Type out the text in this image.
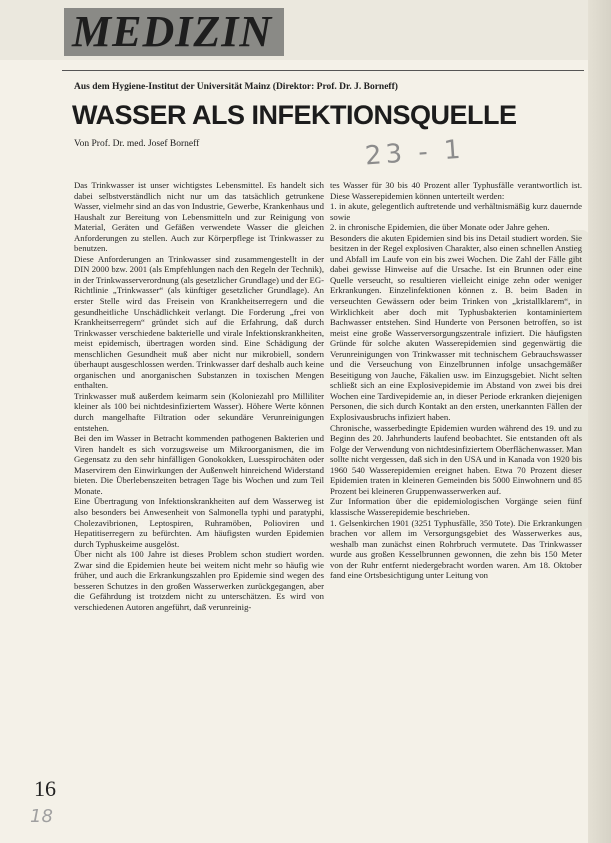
MEDIZIN
Aus dem Hygiene-Institut der Universität Mainz (Direktor: Prof. Dr. J. Borneff)
WASSER ALS INFEKTIONSQUELLE
Von Prof. Dr. med. Josef Borneff	23 - 1

Das Trinkwasser ist unser wichtigstes Lebensmittel. Es handelt sich dabei selbstverständlich nicht nur um das tatsächlich getrunkene Wasser, vielmehr sind an das von Industrie, Gewerbe, Krankenhaus und Haushalt zur Bereitung von Lebensmitteln und zur Reinigung von Material, Geräten und Gefäßen verwendete Wasser die gleichen Anforderungen zu stellen. Auch zur Körperpflege ist Trinkwasser zu benutzen.

Diese Anforderungen an Trinkwasser sind zusammengestellt in der DIN 2000 bzw. 2001 (als Empfehlungen nach den Regeln der Technik), in der Trinkwasserverordnung (als gesetzlicher Grundlage) und der EG-Richtlinie „Trinkwasser“ (als künftiger gesetzlicher Grundlage). An erster Stelle wird das Freisein von Krankheitserregern und die gesundheitliche Unschädlichkeit verlangt. Die Forderung „frei von Krankheitserregern“ gründet sich auf die Erfahrung, daß durch Trinkwasser verschiedene bakterielle und virale Infektionskrankheiten, meist epidemisch, übertragen worden sind. Eine Schädigung der menschlichen Gesundheit muß aber nicht nur mikrobiell, sondern überhaupt ausgeschlossen werden. Trinkwasser darf deshalb auch keine organischen und anorganischen Substanzen in toxischen Mengen enthalten.

Trinkwasser muß außerdem keimarm sein (Koloniezahl pro Milliliter kleiner als 100 bei nichtdesinfiziertem Wasser). Höhere Werte können durch mangelhafte Filtration oder sekundäre Verunreinigungen entstehen.

Bei den im Wasser in Betracht kommenden pathogenen Bakterien und Viren handelt es sich vorzugsweise um Mikroorganismen, die im Gegensatz zu den sehr hinfälligen Gonokokken, Luesspirochäten oder Maservirem den Einwirkungen der Außenwelt hinreichend Widerstand bieten. Die Überlebenszeiten betragen Tage bis Wochen und zum Teil Monate.

Eine Übertragung von Infektionskrankheiten auf dem Wasserweg ist also besonders bei Anwesenheit von Salmonella typhi und paratyphi, Cholezavibrionen, Leptospiren, Ruhramöben, Polioviren und Hepatitiserregern zu befürchten. Am häufigsten wurden Epidemien durch Typhuskeime ausgelöst.

Über nicht als 100 Jahre ist dieses Problem schon studiert worden. Zwar sind die Epidemien heute bei weitem nicht mehr so häufig wie früher, und auch die Erkrankungszahlen pro Epidemie sind wegen des besseren Schutzes in den großen Wasserwerken zurückgegangen, aber die Gefährdung ist trotzdem nicht zu unterschätzen. Es wird von verschiedenen Autoren angeführt, daß verunreinig-

tes Wasser für 30 bis 40 Prozent aller Typhusfälle verantwortlich ist. Diese Wasserepidemien können unterteilt werden:

1. in akute, gelegentlich auftretende und verhältnismäßig kurz dauernde sowie

2. in chronische Epidemien, die über Monate oder Jahre gehen.

Besonders die akuten Epidemien sind bis ins Detail studiert worden. Sie besitzen in der Regel explosiven Charakter, also einen schnellen Anstieg und Abfall im Laufe von ein bis zwei Wochen. Die Zahl der Fälle gibt dabei gewisse Hinweise auf die Ursache. Ist ein Brunnen oder eine Quelle verseucht, so resultieren vielleicht einige zehn oder weniger Erkrankungen. Einzelinfektionen können z. B. beim Baden in verseuchten Gewässern oder beim Trinken von „kristallklarem“, in Wirklichkeit aber doch mit Typhusbakterien kontaminiertem Bachwasser entstehen. Sind Hunderte von Personen betroffen, so ist meist eine große Wasserversorgungszentrale infiziert. Die häufigsten Gründe für solche akuten Wasserepidemien sind gegenwärtig die Verunreinigungen von Trinkwasser mit technischem Gebrauchswasser und die Verseuchung von Einzelbrunnen infolge unsachgemäßer Beseitigung von Jauche, Fäkalien usw. im Einzugsgebiet. Nicht selten schließt sich an eine Explosivepidemie im Abstand von zwei bis drei Wochen eine Tardivepidemie an, in dieser Periode erkranken diejenigen Personen, die sich durch Kontakt an den ersten, unerkannten Fällen der Explosivausbruchs infiziert haben.

Chronische, wasserbedingte Epidemien wurden während des 19. und zu Beginn des 20. Jahrhunderts laufend beobachtet. Sie entstanden oft als Folge der Verwendung von nichtdesinfiziertem Oberflächenwasser. Man sollte nicht vergessen, daß sich in den USA und in Kanada von 1920 bis 1960 540 Wasserepidemien ereignet haben. Etwa 70 Prozent dieser Epidemien traten in kleineren Gemeinden bis 5000 Einwohnern und 85 Prozent bei kleineren Gruppenwasserwerken auf.

Zur Information über die epidemiologischen Vorgänge seien fünf klassische Wasserepidemie beschrieben.

1. Gelsenkirchen 1901 (3251 Typhusfälle, 350 Tote). Die Erkrankungen brachen vor allem im Versorgungsgebiet des Wasserwerkes aus, weshalb man zunächst einen Rohrbruch vermutete. Das Trinkwasser wurde aus großen Kesselbrunnen gewonnen, die zehn bis 150 Meter von der Ruhr entfernt niedergebracht worden waren. Am 18. Oktober fand eine Ortsbesichtigung unter Leitung von

16
18
